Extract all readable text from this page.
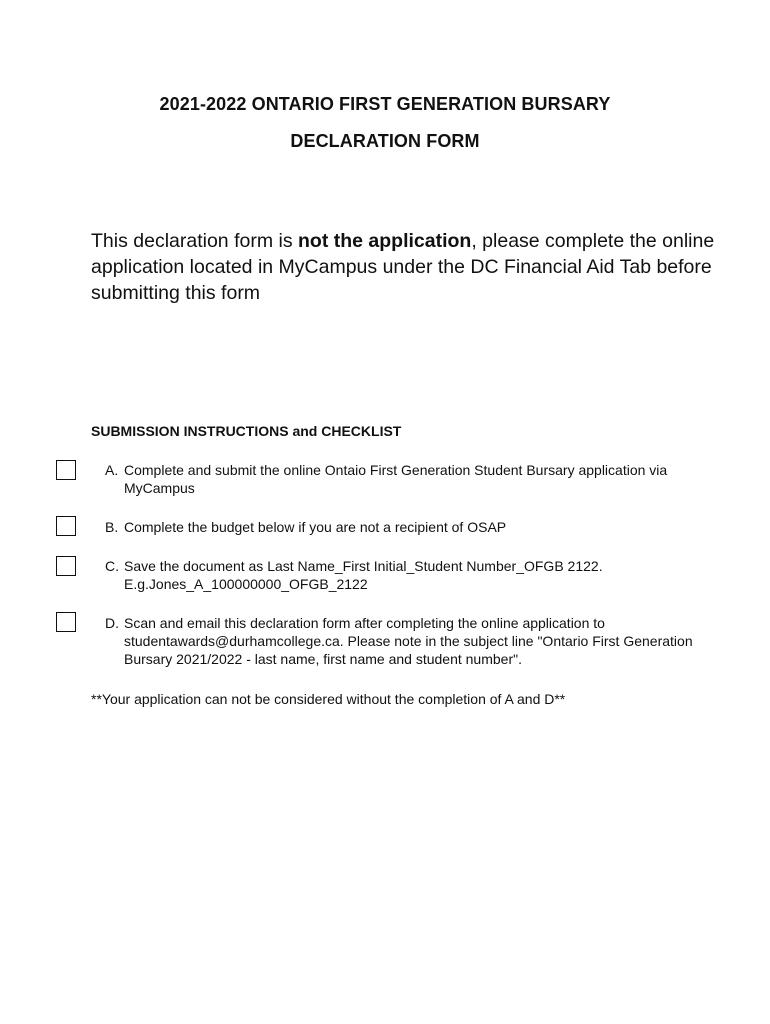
2021-2022 ONTARIO FIRST GENERATION BURSARY
DECLARATION FORM
This declaration form is not the application, please complete the online application located in MyCampus under the DC Financial Aid Tab before submitting this form
SUBMISSION INSTRUCTIONS and CHECKLIST
A. Complete and submit the online Ontaio First Generation Student Bursary application via MyCampus
B. Complete the budget below if you are not a recipient of OSAP
C. Save the document as Last Name_First Initial_Student Number_OFGB 2122. E.g.Jones_A_100000000_OFGB_2122
D. Scan and email this declaration form after completing the online application to studentawards@durhamcollege.ca. Please note in the subject line "Ontario First Generation Bursary 2021/2022 - last name, first name and student number".
**Your application can not be considered without the completion of A and D**
